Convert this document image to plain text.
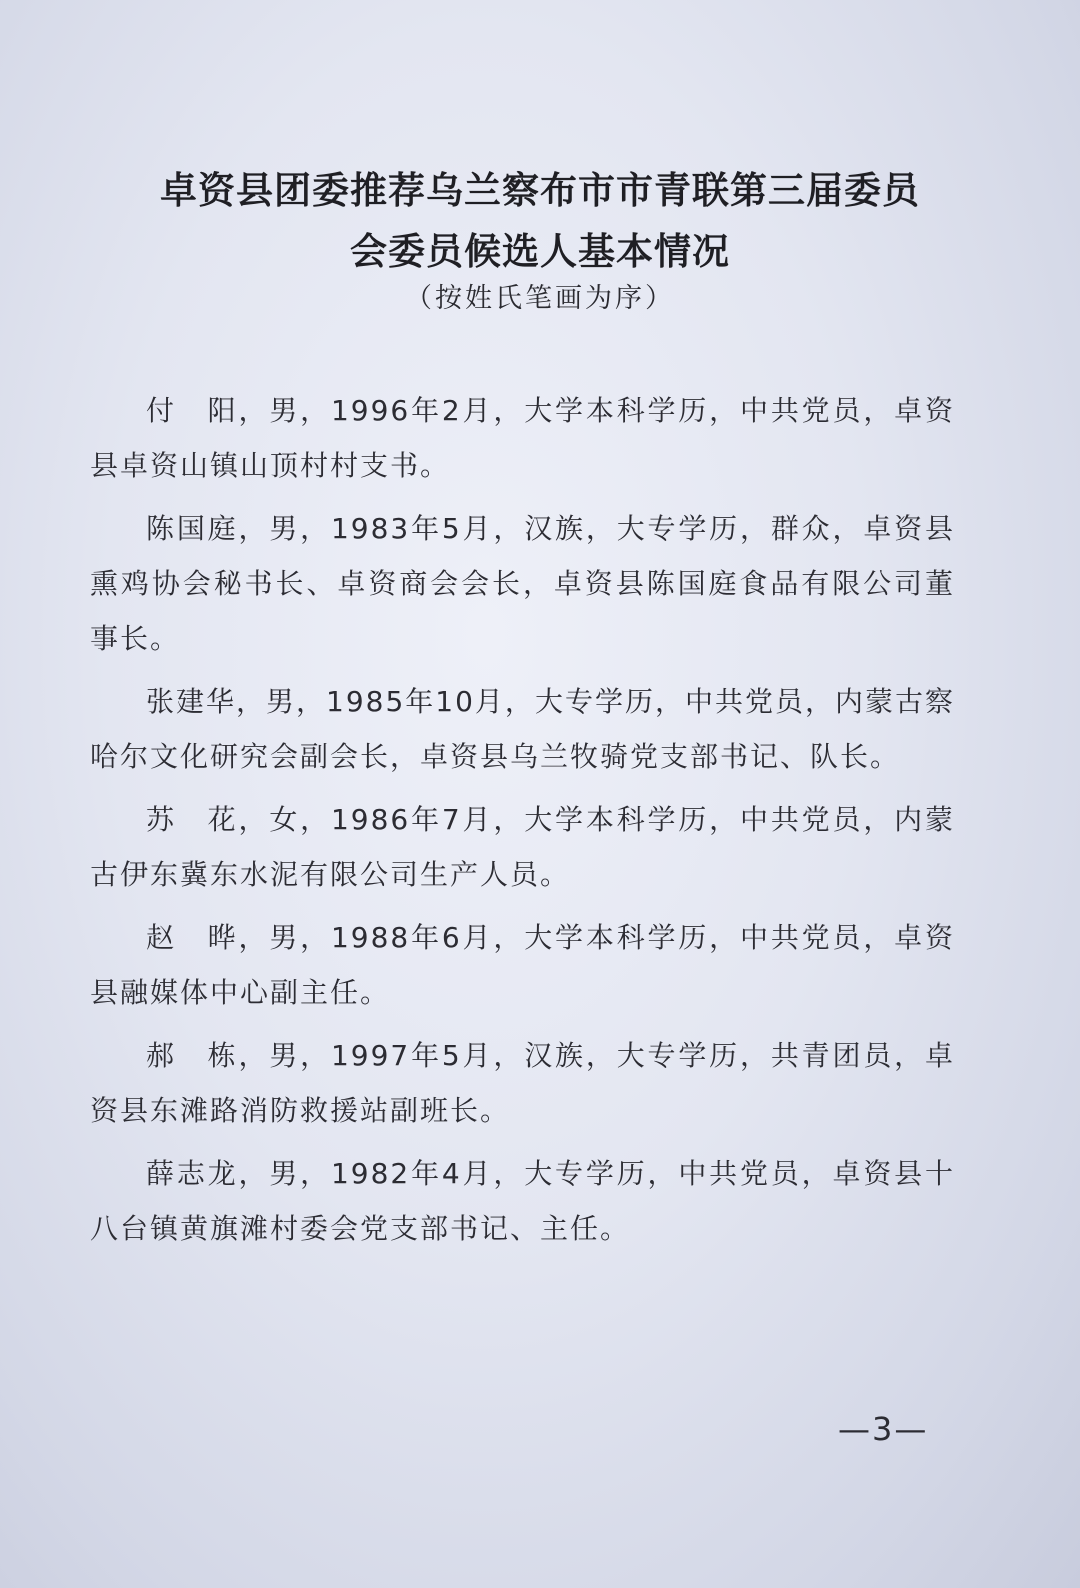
卓资县团委推荐乌兰察布市市青联第三届委员
会委员候选人基本情况
（按姓氏笔画为序）

付　阳，男，1996年2月，大学本科学历，中共党员，卓资县卓资山镇山顶村村支书。

陈国庭，男，1983年5月，汉族，大专学历，群众，卓资县熏鸡协会秘书长、卓资商会会长，卓资县陈国庭食品有限公司董事长。

张建华，男，1985年10月，大专学历，中共党员，内蒙古察哈尔文化研究会副会长，卓资县乌兰牧骑党支部书记、队长。

苏　花，女，1986年7月，大学本科学历，中共党员，内蒙古伊东冀东水泥有限公司生产人员。

赵　晔，男，1988年6月，大学本科学历，中共党员，卓资县融媒体中心副主任。

郝　栋，男，1997年5月，汉族，大专学历，共青团员，卓资县东滩路消防救援站副班长。

薛志龙，男，1982年4月，大专学历，中共党员，卓资县十八台镇黄旗滩村委会党支部书记、主任。

—3—
